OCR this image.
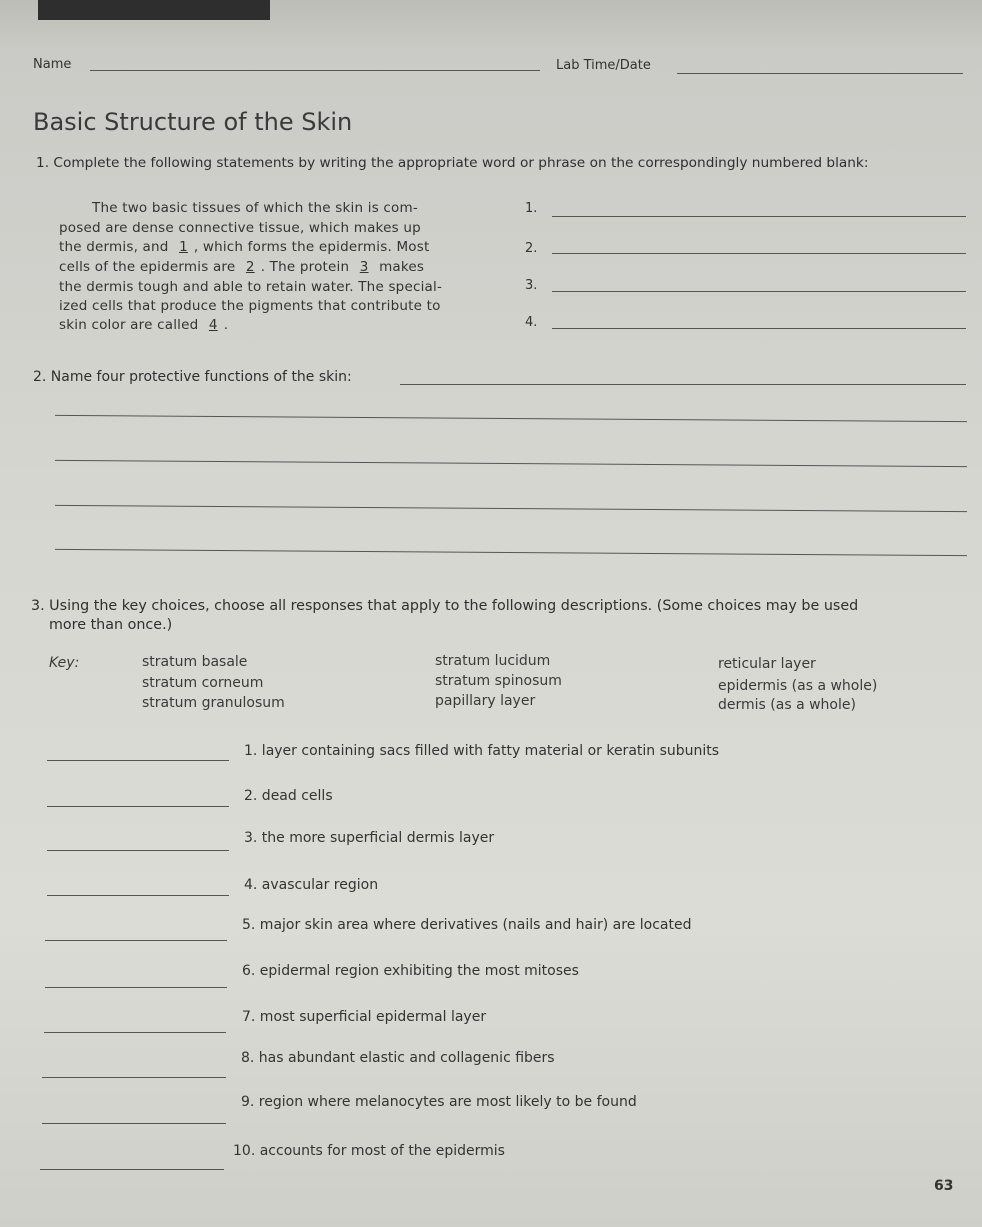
Name	Lab Time/Date
Basic Structure of the Skin
1. Complete the following statements by writing the appropriate word or phrase on the correspondingly numbered blank:
The two basic tissues of which the skin is com-
posed are dense connective tissue, which makes up
the dermis, and 1 , which forms the epidermis. Most
cells of the epidermis are 2 . The protein 3 makes
the dermis tough and able to retain water. The special-
ized cells that produce the pigments that contribute to
skin color are called 4 .
1.
2.
3.
4.
2. Name four protective functions of the skin:
3. Using the key choices, choose all responses that apply to the following descriptions. (Some choices may be used
more than once.)
Key:	stratum basale
stratum corneum
stratum granulosum
stratum lucidum
stratum spinosum
papillary layer
reticular layer
epidermis (as a whole)
dermis (as a whole)
1. layer containing sacs filled with fatty material or keratin subunits
2. dead cells
3. the more superficial dermis layer
4. avascular region
5. major skin area where derivatives (nails and hair) are located
6. epidermal region exhibiting the most mitoses
7. most superficial epidermal layer
8. has abundant elastic and collagenic fibers
9. region where melanocytes are most likely to be found
10. accounts for most of the epidermis
63
